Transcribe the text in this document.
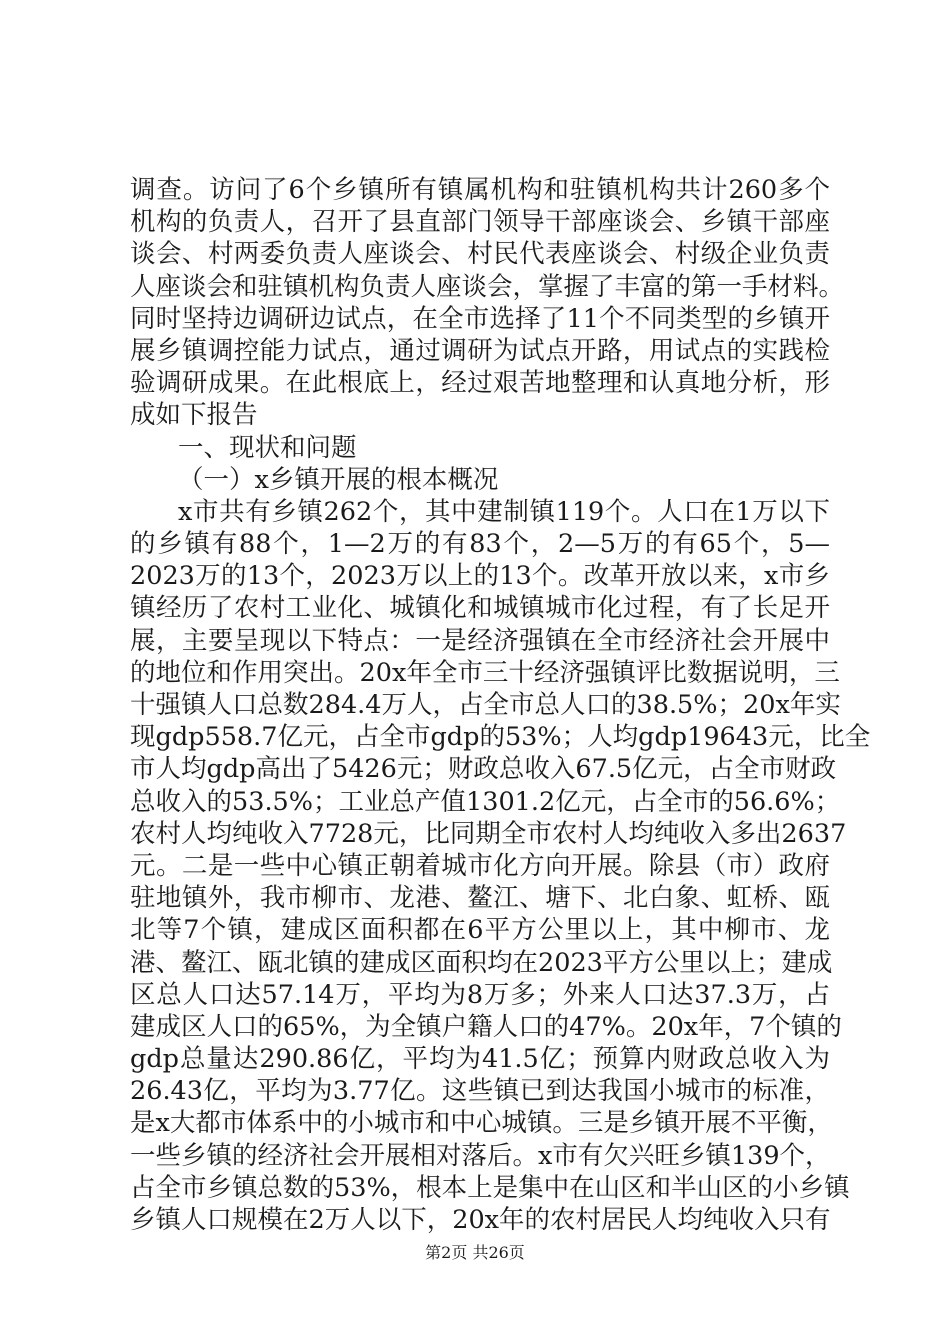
调查。访问了6个乡镇所有镇属机构和驻镇机构共计260多个
机构的负责人，召开了县直部门领导干部座谈会、乡镇干部座
谈会、村两委负责人座谈会、村民代表座谈会、村级企业负责
人座谈会和驻镇机构负责人座谈会，掌握了丰富的第一手材料。
同时坚持边调研边试点，在全市选择了11个不同类型的乡镇开
展乡镇调控能力试点，通过调研为试点开路，用试点的实践检
验调研成果。在此根底上，经过艰苦地整理和认真地分析，形
成如下报告
一、现状和问题
（一）x乡镇开展的根本概况
x市共有乡镇262个，其中建制镇119个。人口在1万以下
的乡镇有88个，1—2万的有83个，2—5万的有65个，5—
2023万的13个，2023万以上的13个。改革开放以来，x市乡
镇经历了农村工业化、城镇化和城镇城市化过程，有了长足开
展，主要呈现以下特点：一是经济强镇在全市经济社会开展中
的地位和作用突出。20x年全市三十经济强镇评比数据说明，三
十强镇人口总数284.4万人，占全市总人口的38.5%；20x年实
现gdp558.7亿元，占全市gdp的53%；人均gdp19643元，比全
市人均gdp高出了5426元；财政总收入67.5亿元，占全市财政
总收入的53.5%；工业总产值1301.2亿元，占全市的56.6%；
农村人均纯收入7728元，比同期全市农村人均纯收入多出2637
元。二是一些中心镇正朝着城市化方向开展。除县（市）政府
驻地镇外，我市柳市、龙港、鳌江、塘下、北白象、虹桥、瓯
北等7个镇，建成区面积都在6平方公里以上，其中柳市、龙
港、鳌江、瓯北镇的建成区面积均在2023平方公里以上；建成
区总人口达57.14万，平均为8万多；外来人口达37.3万，占
建成区人口的65%，为全镇户籍人口的47%。20x年，7个镇的
gdp总量达290.86亿，平均为41.5亿；预算内财政总收入为
26.43亿，平均为3.77亿。这些镇已到达我国小城市的标准，
是x大都市体系中的小城市和中心城镇。三是乡镇开展不平衡，
一些乡镇的经济社会开展相对落后。x市有欠兴旺乡镇139个，
占全市乡镇总数的53%，根本上是集中在山区和半山区的小乡镇
乡镇人口规模在2万人以下，20x年的农村居民人均纯收入只有
第2页 共26页
